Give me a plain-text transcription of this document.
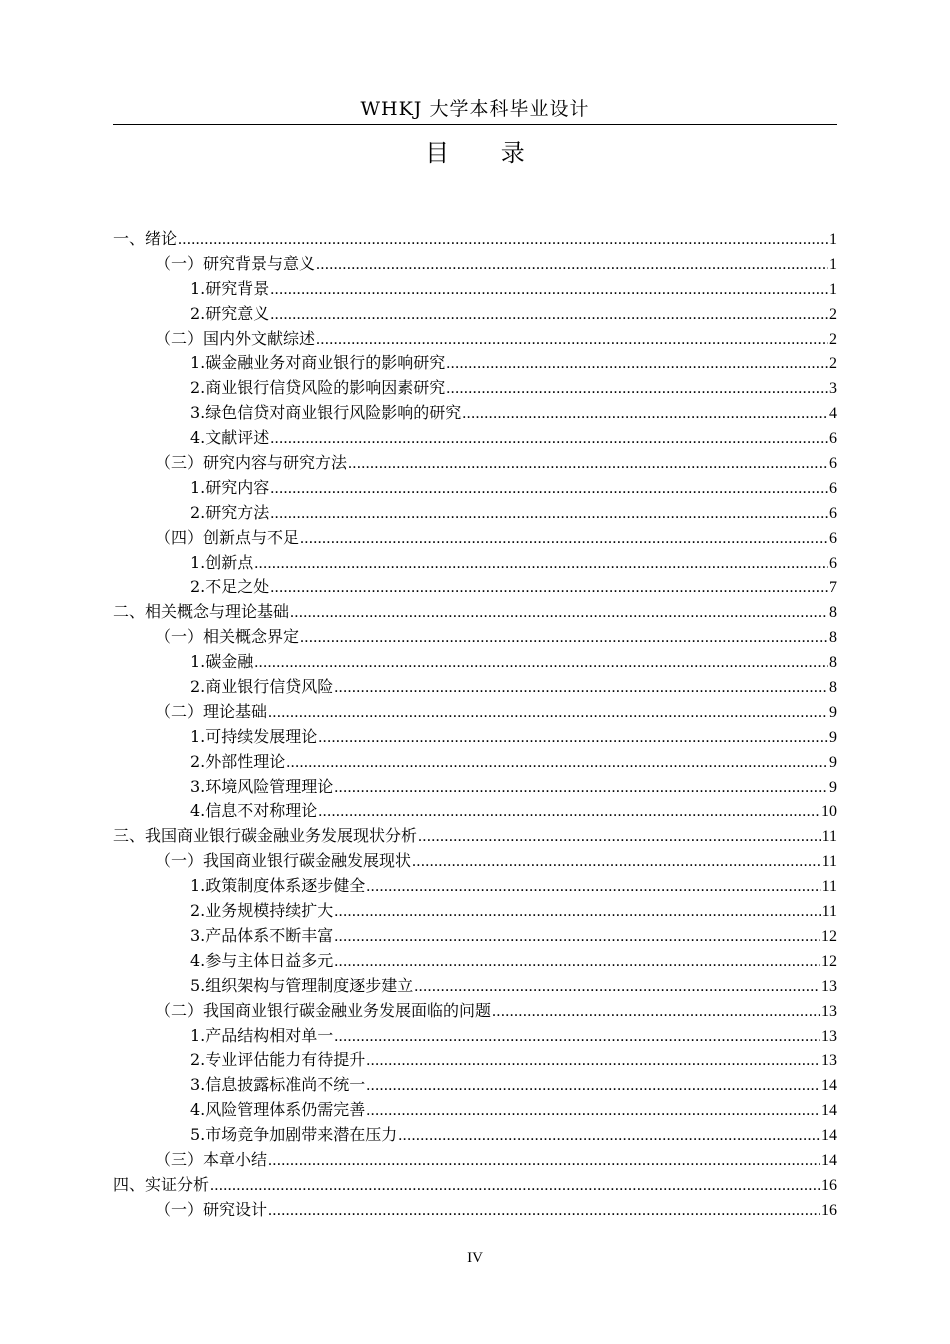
WHKJ 大学本科毕业设计
目 录
一、绪论 .....	1
（一）研究背景与意义 .....	1
1.研究背景 .....	1
2.研究意义 .....	2
（二）国内外文献综述 .....	2
1.碳金融业务对商业银行的影响研究 .....	2
2.商业银行信贷风险的影响因素研究 .....	3
3.绿色信贷对商业银行风险影响的研究 .....	4
4.文献评述 .....	6
（三）研究内容与研究方法 .....	6
1.研究内容 .....	6
2.研究方法 .....	6
（四）创新点与不足 .....	6
1.创新点 .....	6
2.不足之处 .....	7
二、相关概念与理论基础 .....	8
（一）相关概念界定 .....	8
1.碳金融 .....	8
2.商业银行信贷风险 .....	8
（二）理论基础 .....	9
1.可持续发展理论 .....	9
2.外部性理论 .....	9
3.环境风险管理理论 .....	9
4.信息不对称理论 .....	10
三、我国商业银行碳金融业务发展现状分析 .....	11
（一）我国商业银行碳金融发展现状 .....	11
1.政策制度体系逐步健全 .....	11
2.业务规模持续扩大 .....	11
3.产品体系不断丰富 .....	12
4.参与主体日益多元 .....	12
5.组织架构与管理制度逐步建立 .....	13
（二）我国商业银行碳金融业务发展面临的问题 .....	13
1.产品结构相对单一 .....	13
2.专业评估能力有待提升 .....	13
3.信息披露标准尚不统一 .....	14
4.风险管理体系仍需完善 .....	14
5.市场竞争加剧带来潜在压力 .....	14
（三）本章小结 .....	14
四、实证分析 .....	16
（一）研究设计 .....	16
IV
